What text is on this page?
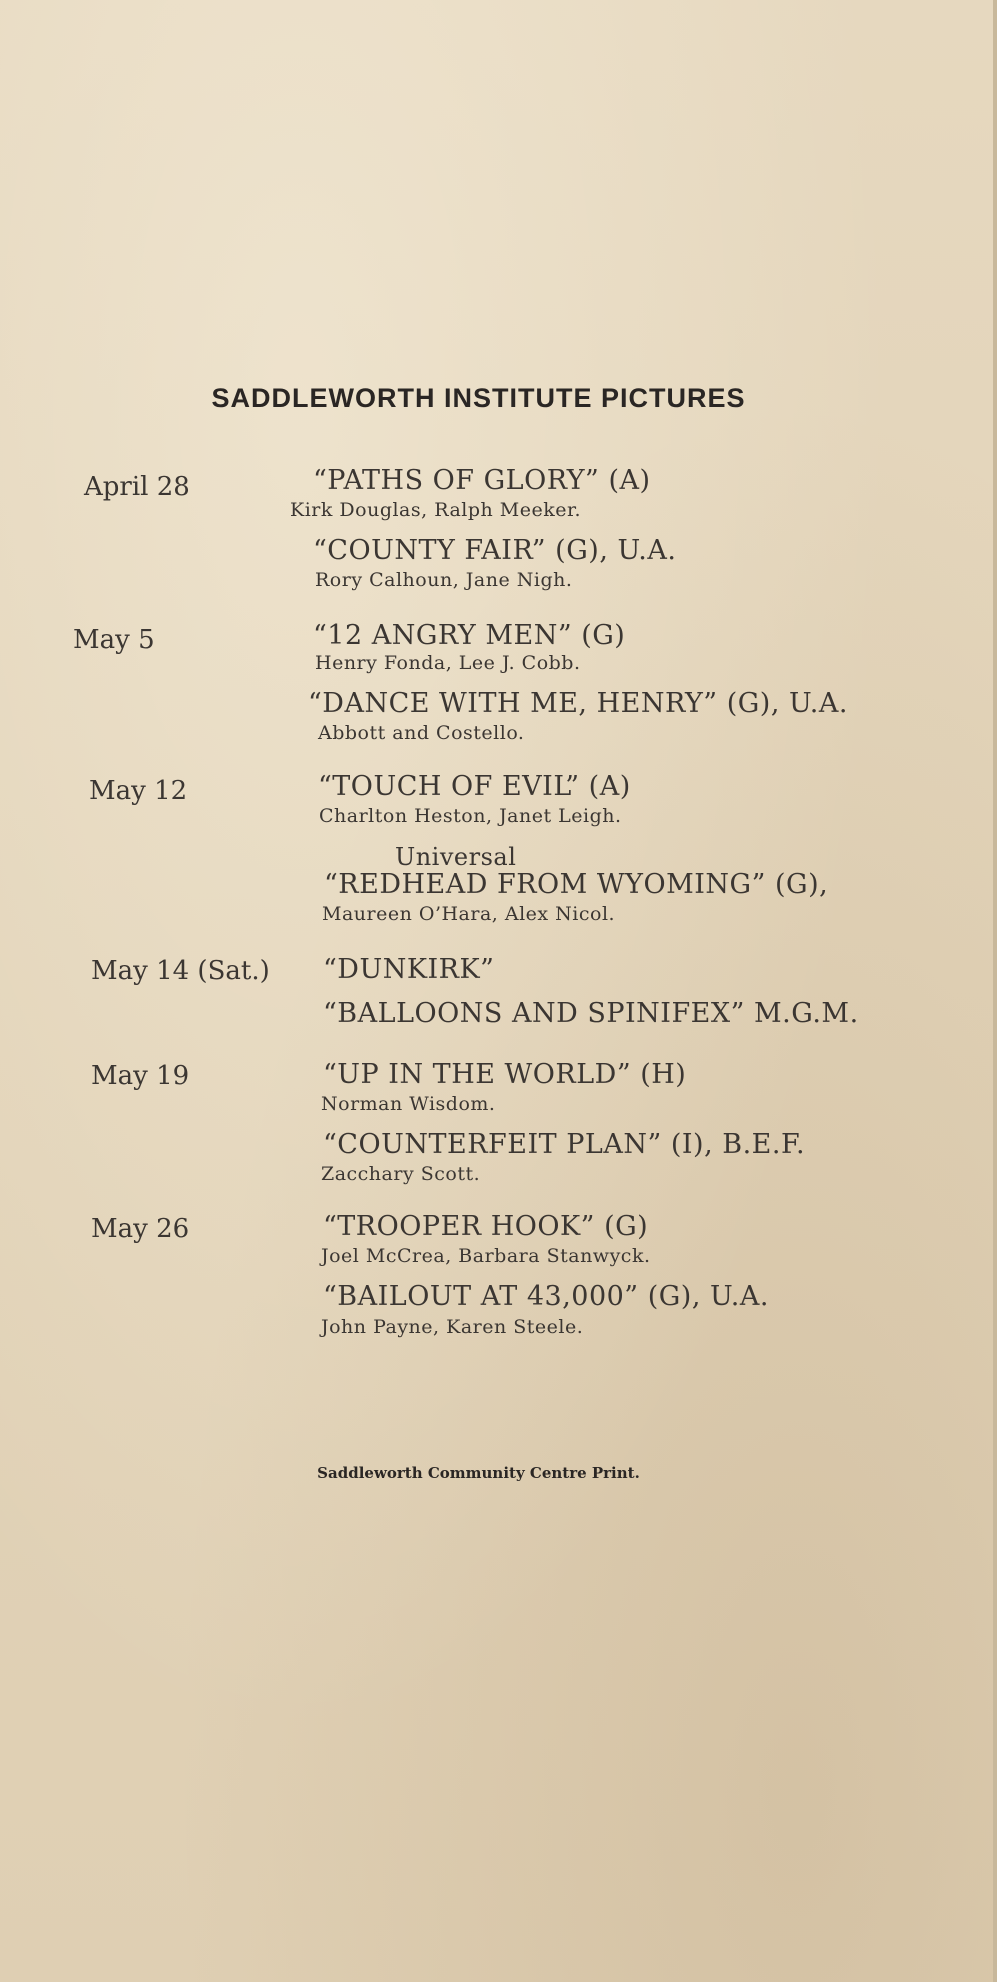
SADDLEWORTH INSTITUTE PICTURES
April 28	“PATHS OF GLORY” (A)
Kirk Douglas, Ralph Meeker.
“COUNTY FAIR” (G), U.A.
Rory Calhoun, Jane Nigh.
May 5	“12 ANGRY MEN” (G)
Henry Fonda, Lee J. Cobb.
“DANCE WITH ME, HENRY” (G), U.A.
Abbott and Costello.
May 12	“TOUCH OF EVIL” (A)
Charlton Heston, Janet Leigh.
Universal
“REDHEAD FROM WYOMING” (G),
Maureen O’Hara, Alex Nicol.
May 14 (Sat.) “DUNKIRK”
“BALLOONS AND SPINIFEX” M.G.M.
May 19	“UP IN THE WORLD” (H)
Norman Wisdom.
“COUNTERFEIT PLAN” (I), B.E.F.
Zacchary Scott.
May 26	“TROOPER HOOK” (G)
Joel McCrea, Barbara Stanwyck.
“BAILOUT AT 43,000” (G), U.A.
John Payne, Karen Steele.
Saddleworth Community Centre Print.
